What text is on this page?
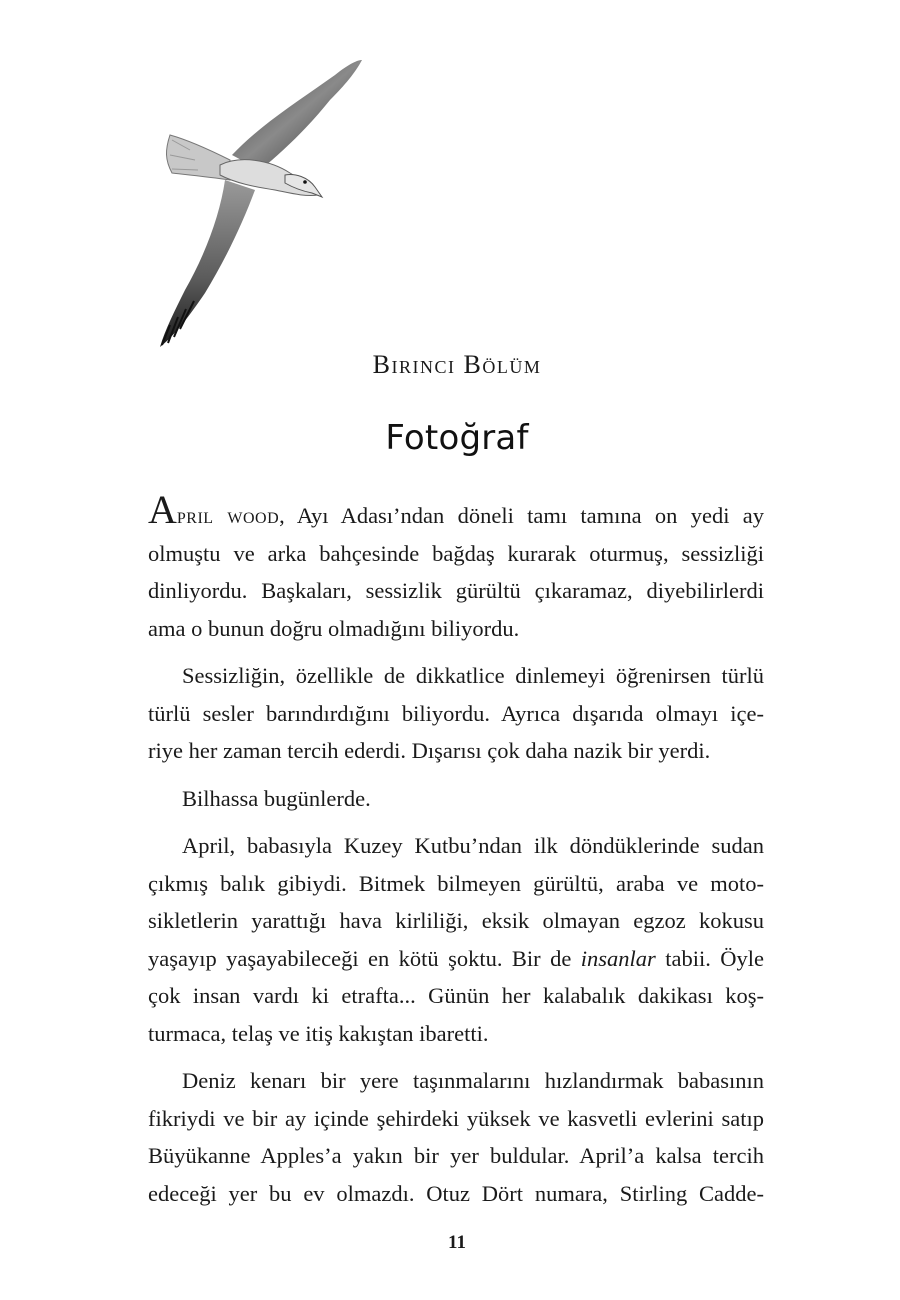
Birinci Bölüm
Fotoğraf
April wood, Ayı Adası’ndan döneli tamı tamına on yedi ay
olmuştu ve arka bahçesinde bağdaş kurarak oturmuş, sessizliği
dinliyordu. Başkaları, sessizlik gürültü çıkaramaz, diyebilirlerdi
ama o bunun doğru olmadığını biliyordu.
Sessizliğin, özellikle de dikkatlice dinlemeyi öğrenirsen türlü
türlü sesler barındırdığını biliyordu. Ayrıca dışarıda olmayı içe-
riye her zaman tercih ederdi. Dışarısı çok daha nazik bir yerdi.
Bilhassa bugünlerde.
April, babasıyla Kuzey Kutbu’ndan ilk döndüklerinde sudan
çıkmış balık gibiydi. Bitmek bilmeyen gürültü, araba ve moto-
sikletlerin yarattığı hava kirliliği, eksik olmayan egzoz kokusu
yaşayıp yaşayabileceği en kötü şoktu. Bir de insanlar tabii. Öyle
çok insan vardı ki etrafta... Günün her kalabalık dakikası koş-
turmaca, telaş ve itiş kakıştan ibaretti.
Deniz kenarı bir yere taşınmalarını hızlandırmak babasının
fikriydi ve bir ay içinde şehirdeki yüksek ve kasvetli evlerini satıp
Büyükanne Apples’a yakın bir yer buldular. April’a kalsa tercih
edeceği yer bu ev olmazdı. Otuz Dört numara, Stirling Cadde-
11
